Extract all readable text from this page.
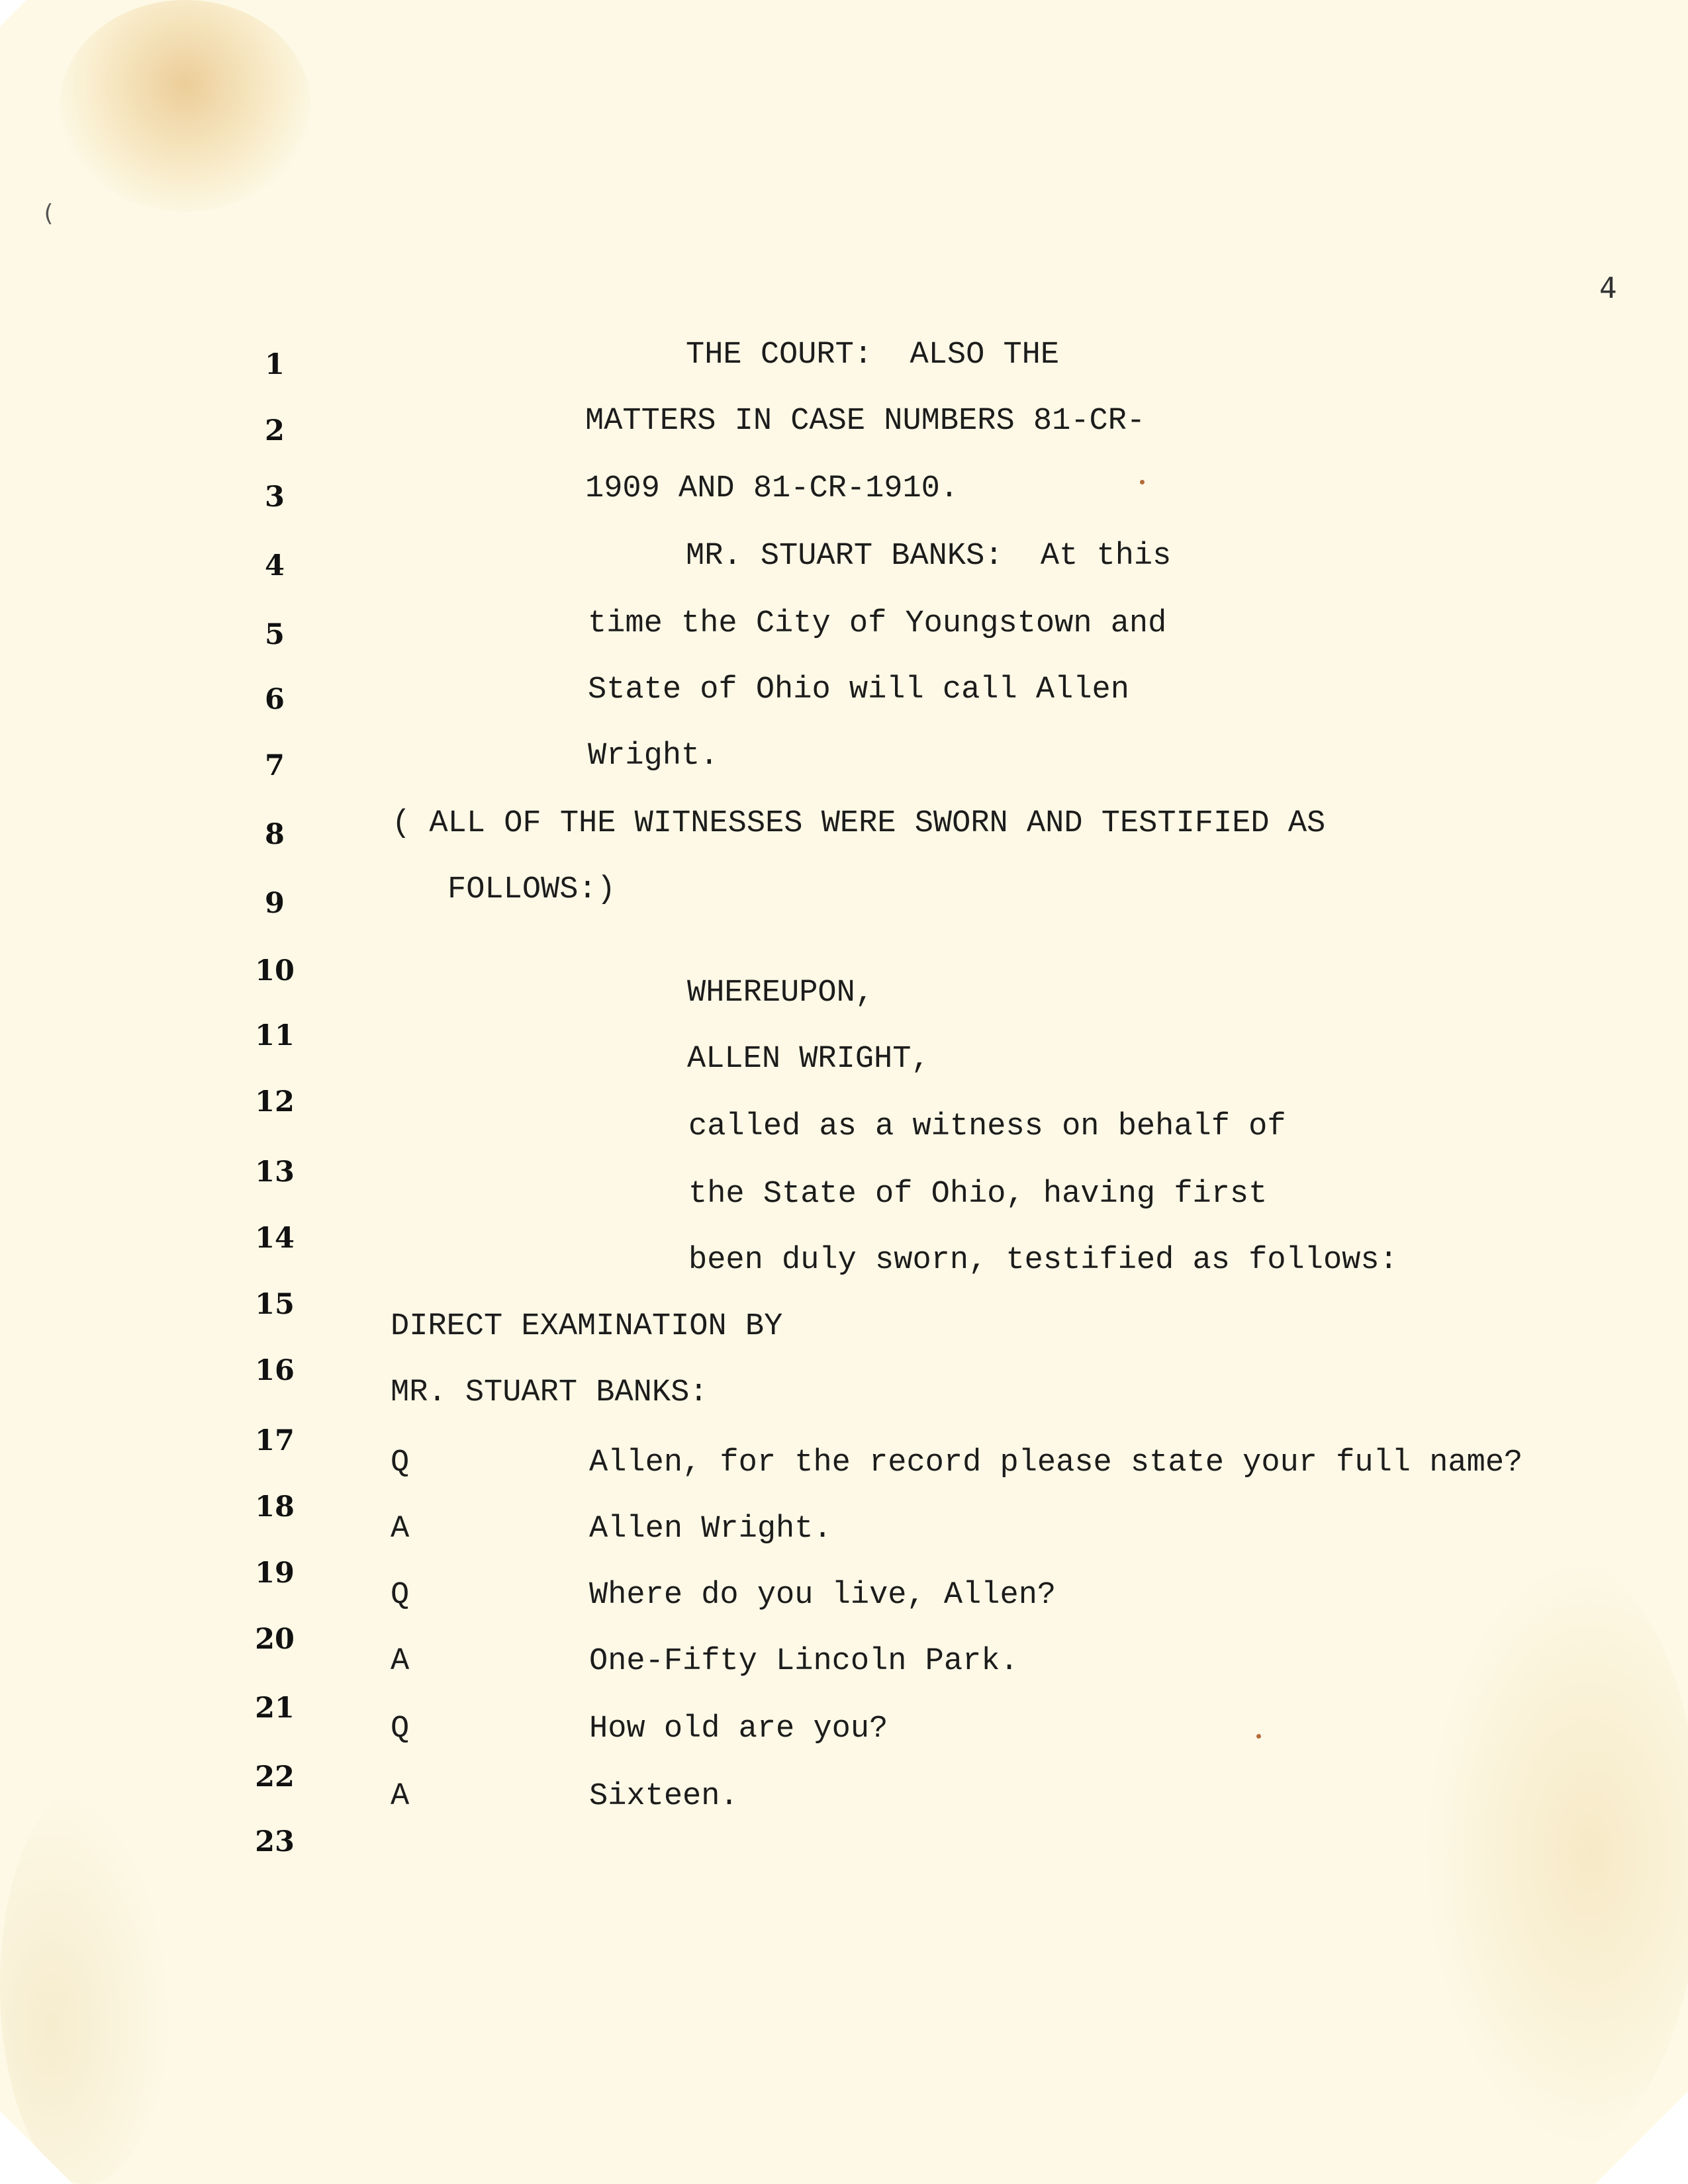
(
4
1
2
3
4
5
6
7
8
9
10
11
12
13
14
15
16
17
18
19
20
21
22
23
THE COURT:  ALSO THE
MATTERS IN CASE NUMBERS 81-CR-
1909 AND 81-CR-1910.
MR. STUART BANKS:  At this
time the City of Youngstown and
State of Ohio will call Allen
Wright.
( ALL OF THE WITNESSES WERE SWORN AND TESTIFIED AS
FOLLOWS:)
WHEREUPON,
ALLEN WRIGHT,
called as a witness on behalf of
the State of Ohio, having first
been duly sworn, testified as follows:
DIRECT EXAMINATION BY
MR. STUART BANKS:
Q	Allen, for the record please state your full name?
A	Allen Wright.
Q	Where do you live, Allen?
A	One-Fifty Lincoln Park.
Q	How old are you?
A	Sixteen.
